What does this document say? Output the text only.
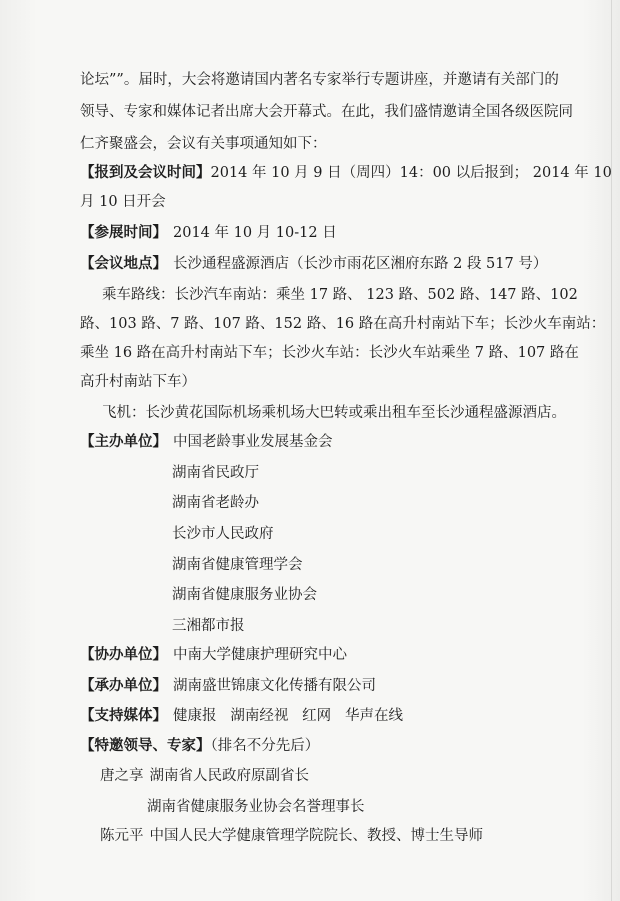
论坛””。届时，大会将邀请国内著名专家举行专题讲座，并邀请有关部门的
领导、专家和媒体记者出席大会开幕式。在此，我们盛情邀请全国各级医院同
仁齐聚盛会，会议有关事项通知如下：
【报到及会议时间】2014 年 10 月 9 日（周四）14：00 以后报到； 2014 年 10
月 10 日开会
【参展时间】 2014 年 10 月 10-12 日
【会议地点】 长沙通程盛源酒店（长沙市雨花区湘府东路 2 段 517 号）
乘车路线：长沙汽车南站：乘坐 17 路、 123 路、502 路、147 路、102
路、103 路、7 路、107 路、152 路、16 路在高升村南站下车；长沙火车南站：
乘坐 16 路在高升村南站下车；长沙火车站：长沙火车站乘坐 7 路、107 路在
高升村南站下车）
飞机：长沙黄花国际机场乘机场大巴转或乘出租车至长沙通程盛源酒店。
【主办单位】 中国老龄事业发展基金会
湖南省民政厅
湖南省老龄办
长沙市人民政府
湖南省健康管理学会
湖南省健康服务业协会
三湘都市报
【协办单位】 中南大学健康护理研究中心
【承办单位】 湖南盛世锦康文化传播有限公司
【支持媒体】 健康报   湖南经视   红网   华声在线
【特邀领导、专家】（排名不分先后）
唐之享 湖南省人民政府原副省长
湖南省健康服务业协会名誉理事长
陈元平 中国人民大学健康管理学院院长、教授、博士生导师
